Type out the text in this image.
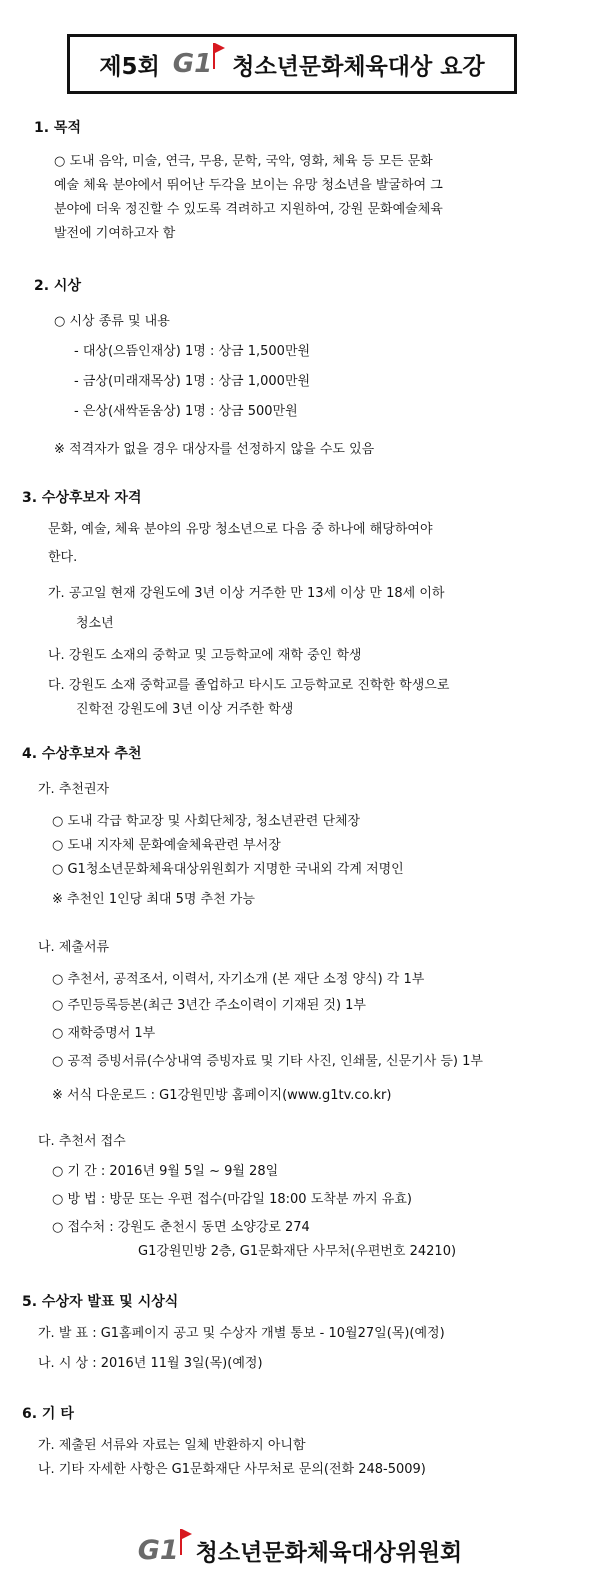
제5회 G1 청소년문화체육대상 요강
1. 목적
○ 도내 음악, 미술, 연극, 무용, 문학, 국악, 영화, 체육 등 모든 문화
예술 체육 분야에서 뛰어난 두각을 보이는 유망 청소년을 발굴하여 그
분야에 더욱 정진할 수 있도록 격려하고 지원하여, 강원 문화예술체육
발전에 기여하고자 함
2. 시상
○ 시상 종류 및 내용
- 대상(으뜸인재상) 1명 : 상금 1,500만원
- 금상(미래재목상) 1명 : 상금 1,000만원
- 은상(새싹돋움상) 1명 : 상금 500만원
※ 적격자가 없을 경우 대상자를 선정하지 않을 수도 있음
3. 수상후보자 자격
문화, 예술, 체육 분야의 유망 청소년으로 다음 중 하나에 해당하여야
한다.
가. 공고일 현재 강원도에 3년 이상 거주한 만 13세 이상 만 18세 이하
청소년
나. 강원도 소재의 중학교 및 고등학교에 재학 중인 학생
다. 강원도 소재 중학교를 졸업하고 타시도 고등학교로 진학한 학생으로
진학전 강원도에 3년 이상 거주한 학생
4. 수상후보자 추천
가. 추천권자
○ 도내 각급 학교장 및 사회단체장, 청소년관련 단체장
○ 도내 지자체 문화예술체육관련 부서장
○ G1청소년문화체육대상위원회가 지명한 국내외 각계 저명인
※ 추천인 1인당 최대 5명 추천 가능
나. 제출서류
○ 추천서, 공적조서, 이력서, 자기소개 (본 재단 소정 양식) 각 1부
○ 주민등록등본(최근 3년간 주소이력이 기재된 것) 1부
○ 재학증명서 1부
○ 공적 증빙서류(수상내역 증빙자료 및 기타 사진, 인쇄물, 신문기사 등) 1부
※ 서식 다운로드 : G1강원민방 홈페이지(www.g1tv.co.kr)
다. 추천서 접수
○ 기 간 : 2016년 9월 5일 ~ 9월 28일
○ 방 법 : 방문 또는 우편 접수(마감일 18:00 도착분 까지 유효)
○ 접수처 : 강원도 춘천시 동면 소양강로 274
G1강원민방 2층, G1문화재단 사무처(우편번호 24210)
5. 수상자 발표 및 시상식
가. 발 표 : G1홈페이지 공고 및 수상자 개별 통보 - 10월27일(목)(예정)
나. 시 상 : 2016년 11월 3일(목)(예정)
6. 기 타
가. 제출된 서류와 자료는 일체 반환하지 아니함
나. 기타 자세한 사항은 G1문화재단 사무처로 문의(전화 248-5009)
G1 청소년문화체육대상위원회
